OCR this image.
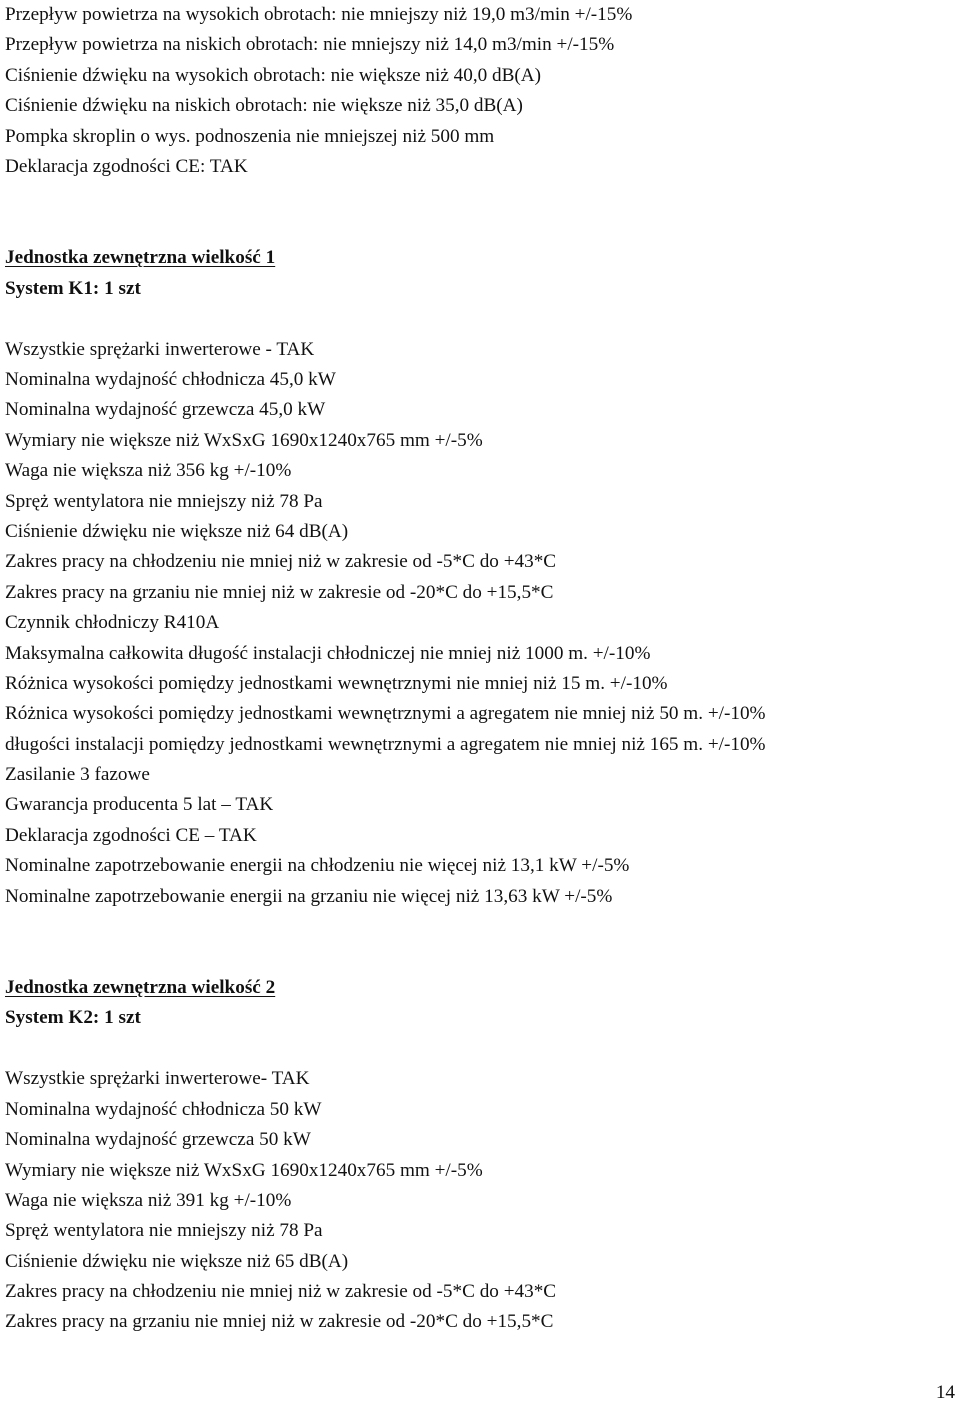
Przepływ powietrza na wysokich obrotach: nie mniejszy niż 19,0 m3/min +/-15%
Przepływ powietrza na niskich obrotach: nie mniejszy niż 14,0 m3/min +/-15%
Ciśnienie dźwięku na wysokich obrotach: nie większe niż 40,0 dB(A)
Ciśnienie dźwięku na niskich obrotach: nie większe niż 35,0 dB(A)
Pompka skroplin o wys. podnoszenia nie mniejszej niż 500 mm
Deklaracja zgodności CE: TAK
Jednostka zewnętrzna wielkość 1
System K1: 1 szt
Wszystkie sprężarki inwerterowe - TAK
Nominalna wydajność chłodnicza 45,0 kW
Nominalna wydajność grzewcza 45,0 kW
Wymiary nie większe niż WxSxG 1690x1240x765 mm +/-5%
Waga nie większa niż 356 kg +/-10%
Spręż wentylatora nie mniejszy niż 78 Pa
Ciśnienie dźwięku nie większe niż 64 dB(A)
Zakres pracy na chłodzeniu nie mniej niż w zakresie od -5*C do +43*C
Zakres pracy na grzaniu nie mniej niż w zakresie od -20*C do +15,5*C
Czynnik chłodniczy R410A
Maksymalna całkowita długość instalacji chłodniczej nie mniej niż 1000 m. +/-10%
Różnica wysokości pomiędzy jednostkami wewnętrznymi nie mniej niż 15 m. +/-10%
Różnica wysokości pomiędzy jednostkami wewnętrznymi a agregatem nie mniej niż 50 m. +/-10%
długości instalacji pomiędzy jednostkami wewnętrznymi a agregatem nie mniej niż 165 m. +/-10%
Zasilanie 3 fazowe
Gwarancja producenta 5 lat – TAK
Deklaracja zgodności CE – TAK
Nominalne zapotrzebowanie energii na chłodzeniu nie więcej niż 13,1 kW +/-5%
Nominalne zapotrzebowanie energii na grzaniu nie więcej niż 13,63 kW +/-5%
Jednostka zewnętrzna wielkość 2
System K2: 1 szt
Wszystkie sprężarki inwerterowe- TAK
Nominalna wydajność chłodnicza 50 kW
Nominalna wydajność grzewcza 50 kW
Wymiary nie większe niż WxSxG 1690x1240x765 mm +/-5%
Waga nie większa niż 391 kg +/-10%
Spręż wentylatora nie mniejszy niż 78 Pa
Ciśnienie dźwięku nie większe niż 65 dB(A)
Zakres pracy na chłodzeniu nie mniej niż w zakresie od -5*C do +43*C
Zakres pracy na grzaniu nie mniej niż w zakresie od -20*C do +15,5*C
14
